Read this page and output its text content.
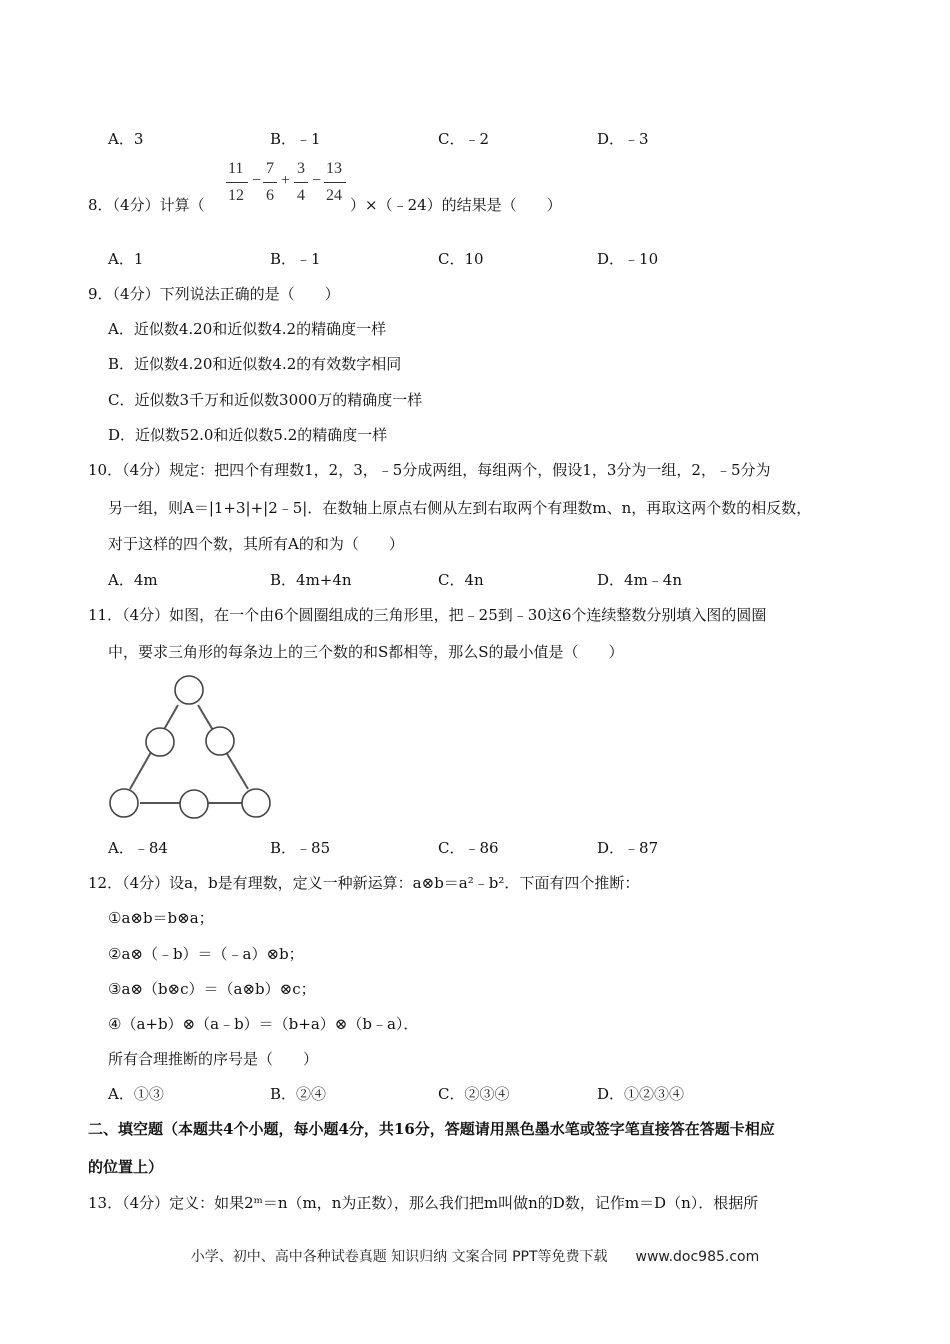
A．3	B．﹣1	C．﹣2	D．﹣3
8．（4分）计算（
11
12
−
7
6
+
3
4
−
13
24
）×（﹣24）的结果是（　　）
A．1	B．﹣1	C．10	D．﹣10
9．（4分）下列说法正确的是（　　）
A．近似数4.20和近似数4.2的精确度一样
B．近似数4.20和近似数4.2的有效数字相同
C．近似数3千万和近似数3000万的精确度一样
D．近似数52.0和近似数5.2的精确度一样
10．（4分）规定：把四个有理数1，2，3，﹣5分成两组，每组两个，假设1，3分为一组，2，﹣5分为
另一组，则A＝|1+3|+|2﹣5|．在数轴上原点右侧从左到右取两个有理数m、n，再取这两个数的相反数，
对于这样的四个数，其所有A的和为（　　）
A．4m	B．4m+4n	C．4n	D．4m﹣4n
11．（4分）如图，在一个由6个圆圈组成的三角形里，把﹣25到﹣30这6个连续整数分别填入图的圆圈
中，要求三角形的每条边上的三个数的和S都相等，那么S的最小值是（　　）
A．﹣84	B．﹣85	C．﹣86	D．﹣87
12．（4分）设a，b是有理数，定义一种新运算：a⊗b＝a²﹣b²．下面有四个推断：
①a⊗b＝b⊗a；
②a⊗（﹣b）＝（﹣a）⊗b；
③a⊗（b⊗c）＝（a⊗b）⊗c；
④（a+b）⊗（a﹣b）＝（b+a）⊗（b﹣a）．
所有合理推断的序号是（　　）
A．①③	B．②④	C．②③④	D．①②③④
二、填空题（本题共4个小题，每小题4分，共16分，答题请用黑色墨水笔或签字笔直接答在答题卡相应
的位置上）
13．（4分）定义：如果2ᵐ＝n（m，n为正数），那么我们把m叫做n的D数，记作m＝D（n）．根据所
小学、初中、高中各种试卷真题 知识归纳 文案合同 PPT等免费下载　　www.doc985.com
